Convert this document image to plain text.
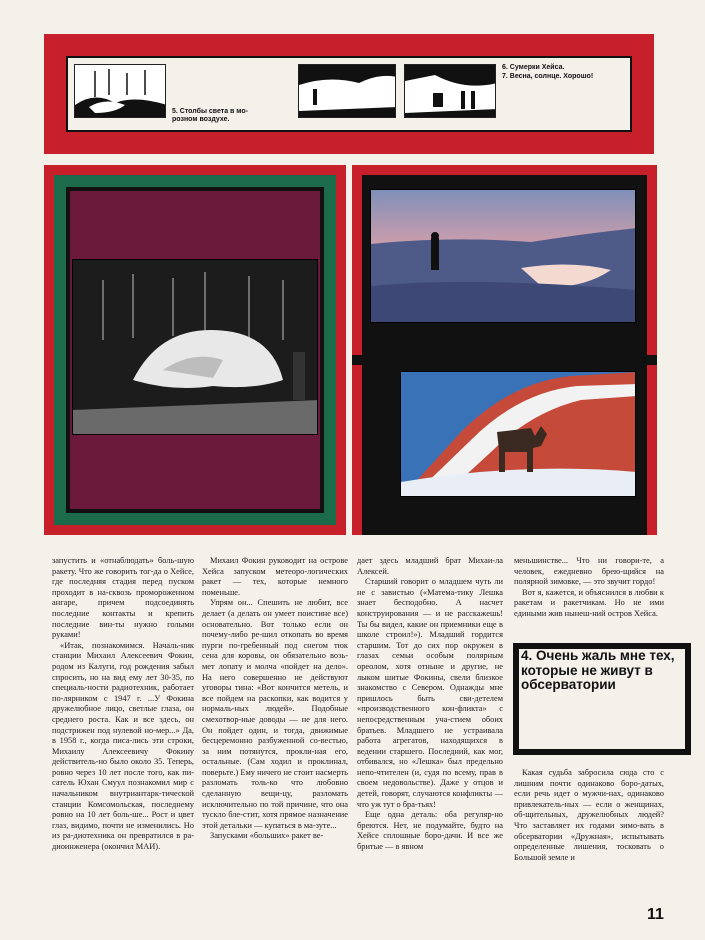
5. Столбы света в мо-
розном воздухе.
6. Сумерки Хейса.
7. Весна, солнце. Хорошо!

запустить и «отнаблюдать» боль-шую ракету. Что же говорить тог-да о Хейсе, где последняя стадия перед пуском проходит в на-сквозь промороженном ангаре, причем подсоединять последние контакты и крепить последние вин-ты нужно голыми руками!

«Итак, познакомимся. Началь-ник станции Михаил Алексеевич Фокин, родом из Калуги, год рождения забыл спросить, но на вид ему лет 30-35, по специаль-ности радиотехник, работает по-лярником с 1947 г. ...У Фокина дружелюбное лицо, светлые глаза, он среднего роста. Как и все здесь, он подстрижен под нулевой но-мер...» Да, в 1958 г., когда писа-лись эти строки, Михаилу Алексеевичу Фокину действитель-но было около 35. Теперь, ровно через 10 лет после того, как пи-сатель Юхан Смуул познакомил мир с начальником внутриантарк-тической станции Комсомольская, последнему ровно на 10 лет боль-ше... Рост и цвет глаз, видимо, почти не изменились. Но из ра-диотехника он превратился в ра-диоинженера (окончил МАИ).

Михаил Фокин руководит на острове Хейса запуском метеоро-логических ракет — тех, которые немного поменьше.

Упрям он... Спешить не любит, все делает (а делать он умеет поистине все) основательно. Вот только если он почему-либо ре-шил откопать во время пурги по-гребенный под снегом тюк сена для коровы, он обязательно возь-мет лопату и молча «пойдет на дело». На него совершенно не действуют уговоры тина: «Вот кончится метель, и все пойдем на раскопки, как водится у нормаль-ных людей». Подобные смехотвор-ные доводы — не для него. Он пойдет один, и тогда, движимые бесцеремонно разбуженной со-вестью, за ним потянутся, прокли-ная его, остальные. (Сам ходил и проклинал, поверьте.) Ему ничего не стоит насмерть разломать толь-ко что любовно сделанную вещи-цу, разломать исключительно по той причине, что она тускло бле-стит, хотя прямое назначение этой детальки — купаться в ма-зуте...

Запусками «больших» ракет ве-

дает здесь младший брат Михаи-ла Алексей.

Старший говорит о младшем чуть ли не с завистью («Матема-тику Лешка знает бесподобно. А насчет конструирования — и не расскажешь! Ты бы видел, какие он приемники еще в школе строил!»). Младший гордится старшим. Тот до сих пор окружен в глазах семьи особым полярным ореолом, хотя отныне и другие, не лыком шитые Фокины, свели близкое знакомство с Севером. Однажды мне пришлось быть сви-детелем «производственного кон-фликта» с непосредственным уча-стием обоих братьев. Младшего не устраивала работа агрегатов, находящихся в ведении старшего. Последний, как мог, отбивался, но «Лешка» был предельно непо-чтителен (и, судя по всему, прав в своем недовольстве). Даже у отцов и детей, говорят, случаются конфликты — что уж тут о бра-тьях!

Еще одна деталь: оба регуляр-но бреются. Нет, не подумайте, будто на Хейсе сплошные боро-дачи. И все же бритые — в явном

меньшинстве... Что ни говори-те, а человек, ежедневно брею-щийся на полярной зимовке, — это звучит гордо!

Вот я, кажется, и объяснился в любви к ракетам и ракетчикам. Но не ими едиными жив нынеш-ний остров Хейса.

4. Очень жаль мне тех, которые не живут в обсерватории

Какая судьба забросила сюда сто с лишним почти одинаково боро-датых, если речь идет о мужчи-нах, одинаково привлекатель-ных — если о женщинах, об-щительных, дружелюбных людей? Что заставляет их годами зимо-вать в обсерватории «Дружная», испытывать определенные лишения, тосковать о Большой земле и

11
